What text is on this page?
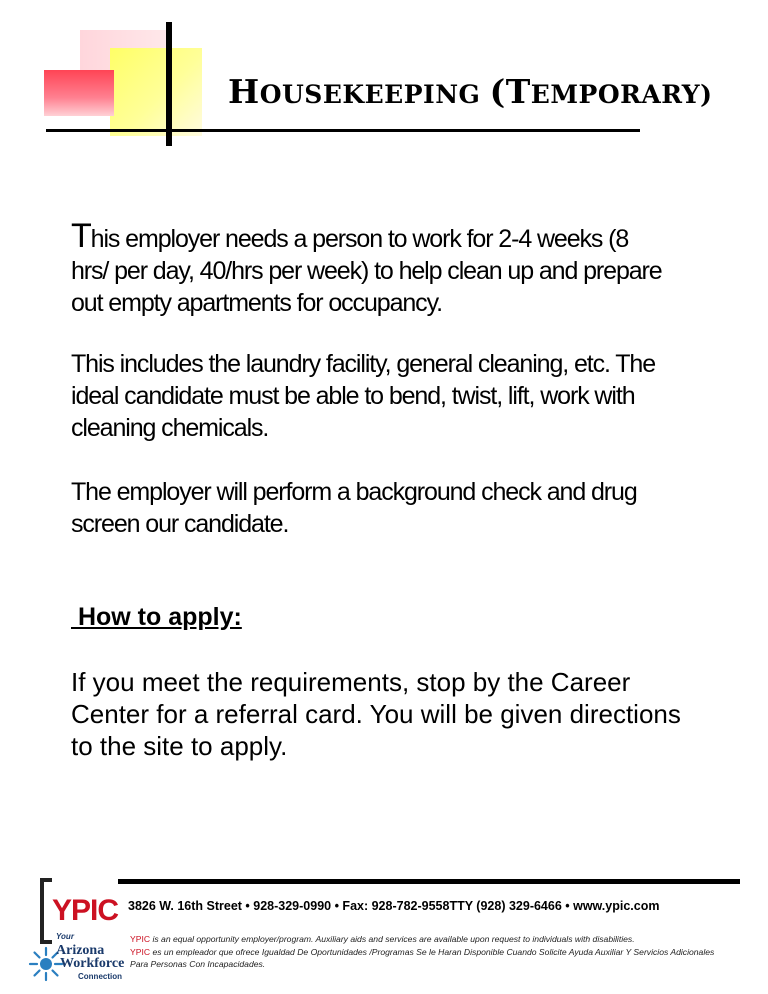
HOUSEKEEPING (TEMPORARY)
This employer needs a person to work for 2-4 weeks (8
hrs/ per day, 40/hrs per week) to help clean up and prepare
out empty apartments for occupancy.
This includes the laundry facility, general cleaning, etc. The
ideal candidate must be able to bend, twist, lift, work with
cleaning chemicals.
The employer will perform a background check and drug
screen our candidate.
How to apply:
If you meet the requirements, stop by the Career
Center for a referral card. You will be given directions
to the site to apply.
3826 W. 16th Street • 928-329-0990 • Fax: 928-782-9558TTY (928) 329-6466 • www.ypic.com
YPIC is an equal opportunity employer/program. Auxiliary aids and services are available upon request to individuals with disabilities.
YPIC es un empleador que ofrece Igualdad De Oportunidades /Programas Se le Haran Disponible Cuando Solicite Ayuda Auxiliar Y Servicios Adicionales Para Personas Con Incapacidades.
YPIC
Your
Arizona
Workforce
Connection
